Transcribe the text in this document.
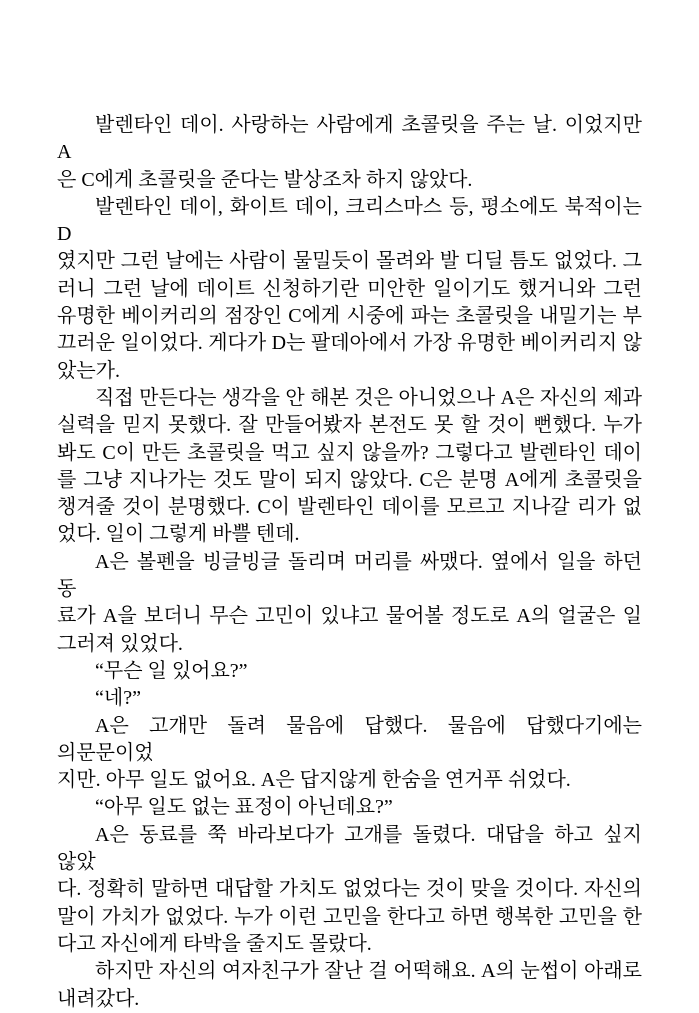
발렌타인 데이. 사랑하는 사람에게 초콜릿을 주는 날. 이었지만 A
은 C에게 초콜릿을 준다는 발상조차 하지 않았다.
발렌타인 데이, 화이트 데이, 크리스마스 등, 평소에도 북적이는 D
였지만 그런 날에는 사람이 물밀듯이 몰려와 발 디딜 틈도 없었다. 그
러니 그런 날에 데이트 신청하기란 미안한 일이기도 했거니와 그런
유명한 베이커리의 점장인 C에게 시중에 파는 초콜릿을 내밀기는 부
끄러운 일이었다. 게다가 D는 팔데아에서 가장 유명한 베이커리지 않
았는가.
직접 만든다는 생각을 안 해본 것은 아니었으나 A은 자신의 제과
실력을 믿지 못했다. 잘 만들어봤자 본전도 못 할 것이 뻔했다. 누가
봐도 C이 만든 초콜릿을 먹고 싶지 않을까? 그렇다고 발렌타인 데이
를 그냥 지나가는 것도 말이 되지 않았다. C은 분명 A에게 초콜릿을
챙겨줄 것이 분명했다. C이 발렌타인 데이를 모르고 지나갈 리가 없
었다. 일이 그렇게 바쁠 텐데.
A은 볼펜을 빙글빙글 돌리며 머리를 싸맸다. 옆에서 일을 하던 동
료가 A을 보더니 무슨 고민이 있냐고 물어볼 정도로 A의 얼굴은 일
그러져 있었다.
“무슨 일 있어요?”
“네?”
A은 고개만 돌려 물음에 답했다. 물음에 답했다기에는 의문문이었
지만. 아무 일도 없어요. A은 답지않게 한숨을 연거푸 쉬었다.
“아무 일도 없는 표정이 아닌데요?”
A은 동료를 쭉 바라보다가 고개를 돌렸다. 대답을 하고 싶지 않았
다. 정확히 말하면 대답할 가치도 없었다는 것이 맞을 것이다. 자신의
말이 가치가 없었다. 누가 이런 고민을 한다고 하면 행복한 고민을 한
다고 자신에게 타박을 줄지도 몰랐다.
하지만 자신의 여자친구가 잘난 걸 어떡해요. A의 눈썹이 아래로
내려갔다.
